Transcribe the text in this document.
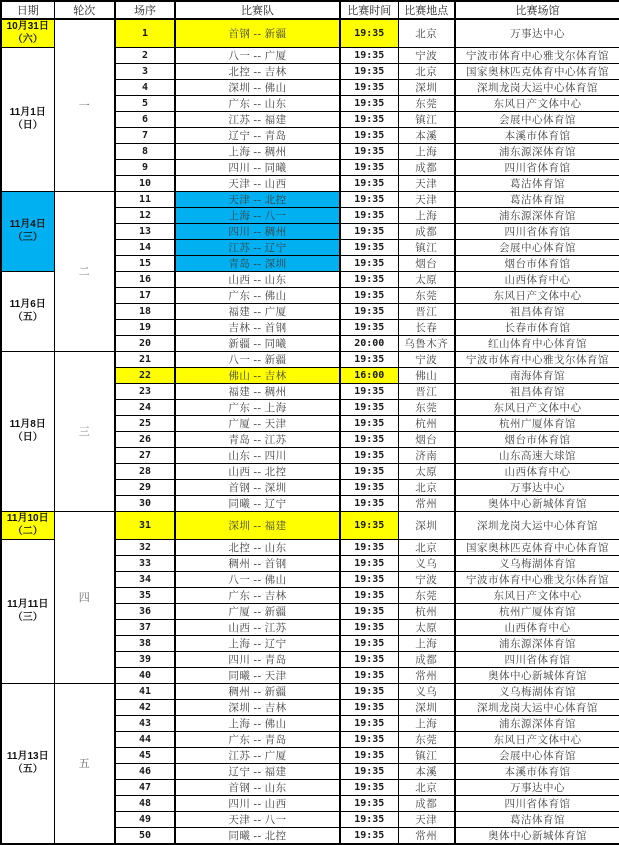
日期	轮次	场序	比赛队	比赛时间	比赛地点	比赛场馆

10月31日
（六）	一	1	首钢 -- 新疆	19:35	北京	万事达中心

11月1日
（日）		2	八一 -- 广厦	19:35	宁波	宁波市体育中心雅戈尔体育馆
		3	北控 -- 吉林	19:35	北京	国家奥林匹克体育中心体育馆
		4	深圳 -- 佛山	19:35	深圳	深圳龙岗大运中心体育馆
		5	广东 -- 山东	19:35	东莞	东风日产文体中心
		6	江苏 -- 福建	19:35	镇江	会展中心体育馆
		7	辽宁 -- 青岛	19:35	本溪	本溪市体育馆
		8	上海 -- 稠州	19:35	上海	浦东源深体育馆
		9	四川 -- 同曦	19:35	成都	四川省体育馆
		10	天津 -- 山西	19:35	天津	葛沽体育馆

11月4日
（三）	二	11	天津 -- 北控	19:35	天津	葛沽体育馆
		12	上海 -- 八一	19:35	上海	浦东源深体育馆
		13	四川 -- 稠州	19:35	成都	四川省体育馆
		14	江苏 -- 辽宁	19:35	镇江	会展中心体育馆
		15	青岛 -- 深圳	19:35	烟台	烟台市体育馆

11月6日
（五）		16	山西 -- 山东	19:35	太原	山西体育中心
		17	广东 -- 佛山	19:35	东莞	东风日产文体中心
		18	福建 -- 广厦	19:35	晋江	祖昌体育馆
		19	吉林 -- 首钢	19:35	长春	长春市体育馆
		20	新疆 -- 同曦	20:00	乌鲁木齐	红山体育中心体育馆

11月8日
（日）	三	21	八一 -- 新疆	19:35	宁波	宁波市体育中心雅戈尔体育馆
		22	佛山 -- 吉林	16:00	佛山	南海体育馆
		23	福建 -- 稠州	19:35	晋江	祖昌体育馆
		24	广东 -- 上海	19:35	东莞	东风日产文体中心
		25	广厦 -- 天津	19:35	杭州	杭州广厦体育馆
		26	青岛 -- 江苏	19:35	烟台	烟台市体育馆
		27	山东 -- 四川	19:35	济南	山东高速大球馆
		28	山西 -- 北控	19:35	太原	山西体育中心
		29	首钢 -- 深圳	19:35	北京	万事达中心
		30	同曦 -- 辽宁	19:35	常州	奥体中心新城体育馆

11月10日
（二）	四	31	深圳 -- 福建	19:35	深圳	深圳龙岗大运中心体育馆

11月11日
（三）		32	北控 -- 山东	19:35	北京	国家奥林匹克体育中心体育馆
		33	稠州 -- 首钢	19:35	义乌	义乌梅湖体育馆
		34	八一 -- 佛山	19:35	宁波	宁波市体育中心雅戈尔体育馆
		35	广东 -- 吉林	19:35	东莞	东风日产文体中心
		36	广厦 -- 新疆	19:35	杭州	杭州广厦体育馆
		37	山西 -- 江苏	19:35	太原	山西体育中心
		38	上海 -- 辽宁	19:35	上海	浦东源深体育馆
		39	四川 -- 青岛	19:35	成都	四川省体育馆
		40	同曦 -- 天津	19:35	常州	奥体中心新城体育馆

11月13日
（五）	五	41	稠州 -- 新疆	19:35	义乌	义乌梅湖体育馆
		42	深圳 -- 吉林	19:35	深圳	深圳龙岗大运中心体育馆
		43	上海 -- 佛山	19:35	上海	浦东源深体育馆
		44	广东 -- 青岛	19:35	东莞	东风日产文体中心
		45	江苏 -- 广厦	19:35	镇江	会展中心体育馆
		46	辽宁 -- 福建	19:35	本溪	本溪市体育馆
		47	首钢 -- 山东	19:35	北京	万事达中心
		48	四川 -- 山西	19:35	成都	四川省体育馆
		49	天津 -- 八一	19:35	天津	葛沽体育馆
		50	同曦 -- 北控	19:35	常州	奥体中心新城体育馆
